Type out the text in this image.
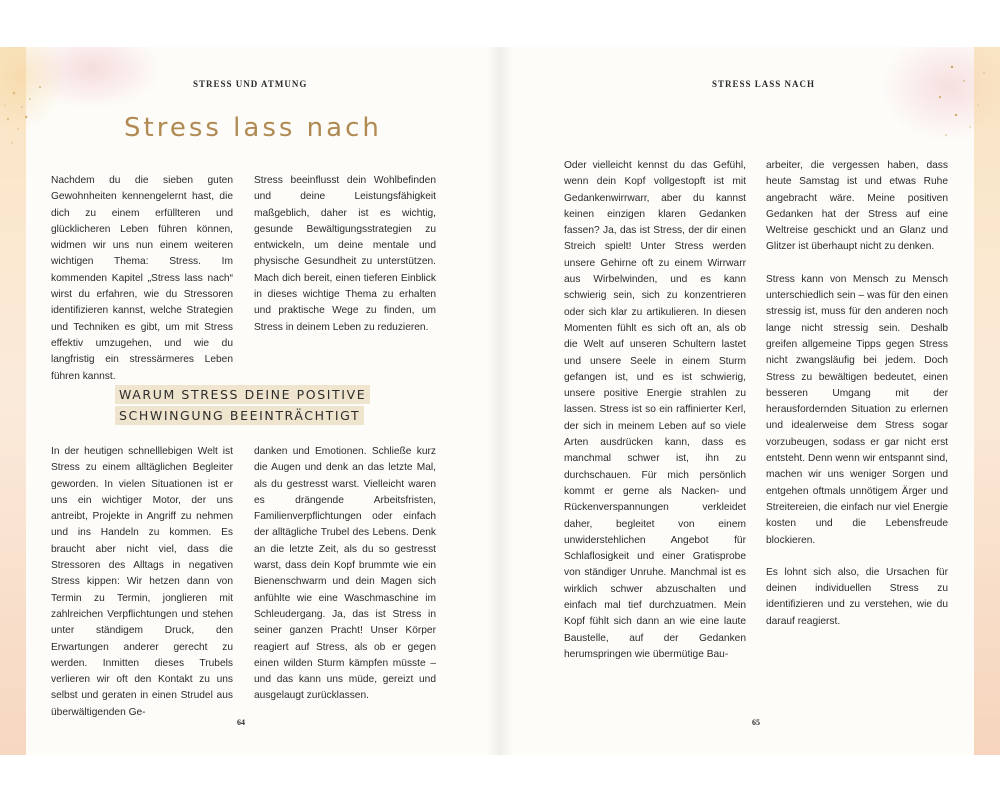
STRESS UND ATMUNG
Stress lass nach

Nachdem du die sieben guten Gewohnheiten kennengelernt hast, die dich zu einem erfüllteren und glücklicheren Leben führen können, widmen wir uns nun einem weiteren wichtigen Thema: Stress. Im kommenden Kapitel „Stress lass nach“ wirst du erfahren, wie du Stressoren identifizieren kannst, welche Strategien und Techniken es gibt, um mit Stress effektiv umzugehen, und wie du langfristig ein stressärmeres Leben führen kannst.

Stress beeinflusst dein Wohlbefinden und deine Leistungsfähigkeit maßgeblich, daher ist es wichtig, gesunde Bewältigungsstrategien zu entwickeln, um deine mentale und physische Gesundheit zu unterstützen. Mach dich bereit, einen tieferen Einblick in dieses wichtige Thema zu erhalten und praktische Wege zu finden, um Stress in deinem Leben zu reduzieren.

WARUM STRESS DEINE POSITIVE
SCHWINGUNG BEEINTRÄCHTIGT

In der heutigen schnelllebigen Welt ist Stress zu einem alltäglichen Begleiter geworden. In vielen Situationen ist er uns ein wichtiger Motor, der uns antreibt, Projekte in Angriff zu nehmen und ins Handeln zu kommen. Es braucht aber nicht viel, dass die Stressoren des Alltags in negativen Stress kippen: Wir hetzen dann von Termin zu Termin, jonglieren mit zahlreichen Verpflichtungen und stehen unter ständigem Druck, den Erwartungen anderer gerecht zu werden. Inmitten dieses Trubels verlieren wir oft den Kontakt zu uns selbst und geraten in einen Strudel aus überwältigenden Ge-

danken und Emotionen. Schließe kurz die Augen und denk an das letzte Mal, als du gestresst warst. Vielleicht waren es drängende Arbeitsfristen, Familienverpflichtungen oder einfach der alltägliche Trubel des Lebens. Denk an die letzte Zeit, als du so gestresst warst, dass dein Kopf brummte wie ein Bienenschwarm und dein Magen sich anfühlte wie eine Waschmaschine im Schleudergang. Ja, das ist Stress in seiner ganzen Pracht! Unser Körper reagiert auf Stress, als ob er gegen einen wilden Sturm kämpfen müsste – und das kann uns müde, gereizt und ausgelaugt zurücklassen.

64
STRESS LASS NACH

Oder vielleicht kennst du das Gefühl, wenn dein Kopf vollgestopft ist mit Gedankenwirrwarr, aber du kannst keinen einzigen klaren Gedanken fassen? Ja, das ist Stress, der dir einen Streich spielt! Unter Stress werden unsere Gehirne oft zu einem Wirrwarr aus Wirbelwinden, und es kann schwierig sein, sich zu konzentrieren oder sich klar zu artikulieren. In diesen Momenten fühlt es sich oft an, als ob die Welt auf unseren Schultern lastet und unsere Seele in einem Sturm gefangen ist, und es ist schwierig, unsere positive Energie strahlen zu lassen. Stress ist so ein raffinierter Kerl, der sich in meinem Leben auf so viele Arten ausdrücken kann, dass es manchmal schwer ist, ihn zu durchschauen. Für mich persönlich kommt er gerne als Nacken- und Rückenverspannungen verkleidet daher, begleitet von einem unwiderstehlichen Angebot für Schlaflosigkeit und einer Gratisprobe von ständiger Unruhe. Manchmal ist es wirklich schwer abzuschalten und einfach mal tief durchzuatmen. Mein Kopf fühlt sich dann an wie eine laute Baustelle, auf der Gedanken herumspringen wie übermütige Bau-

arbeiter, die vergessen haben, dass heute Samstag ist und etwas Ruhe angebracht wäre. Meine positiven Gedanken hat der Stress auf eine Weltreise geschickt und an Glanz und Glitzer ist überhaupt nicht zu denken.

Stress kann von Mensch zu Mensch unterschiedlich sein – was für den einen stressig ist, muss für den anderen noch lange nicht stressig sein. Deshalb greifen allgemeine Tipps gegen Stress nicht zwangsläufig bei jedem. Doch Stress zu bewältigen bedeutet, einen besseren Umgang mit der herausfordernden Situation zu erlernen und idealerweise dem Stress sogar vorzubeugen, sodass er gar nicht erst entsteht. Denn wenn wir entspannt sind, machen wir uns weniger Sorgen und entgehen oftmals unnötigem Ärger und Streitereien, die einfach nur viel Energie kosten und die Lebensfreude blockieren.

Es lohnt sich also, die Ursachen für deinen individuellen Stress zu identifizieren und zu verstehen, wie du darauf reagierst.

65
